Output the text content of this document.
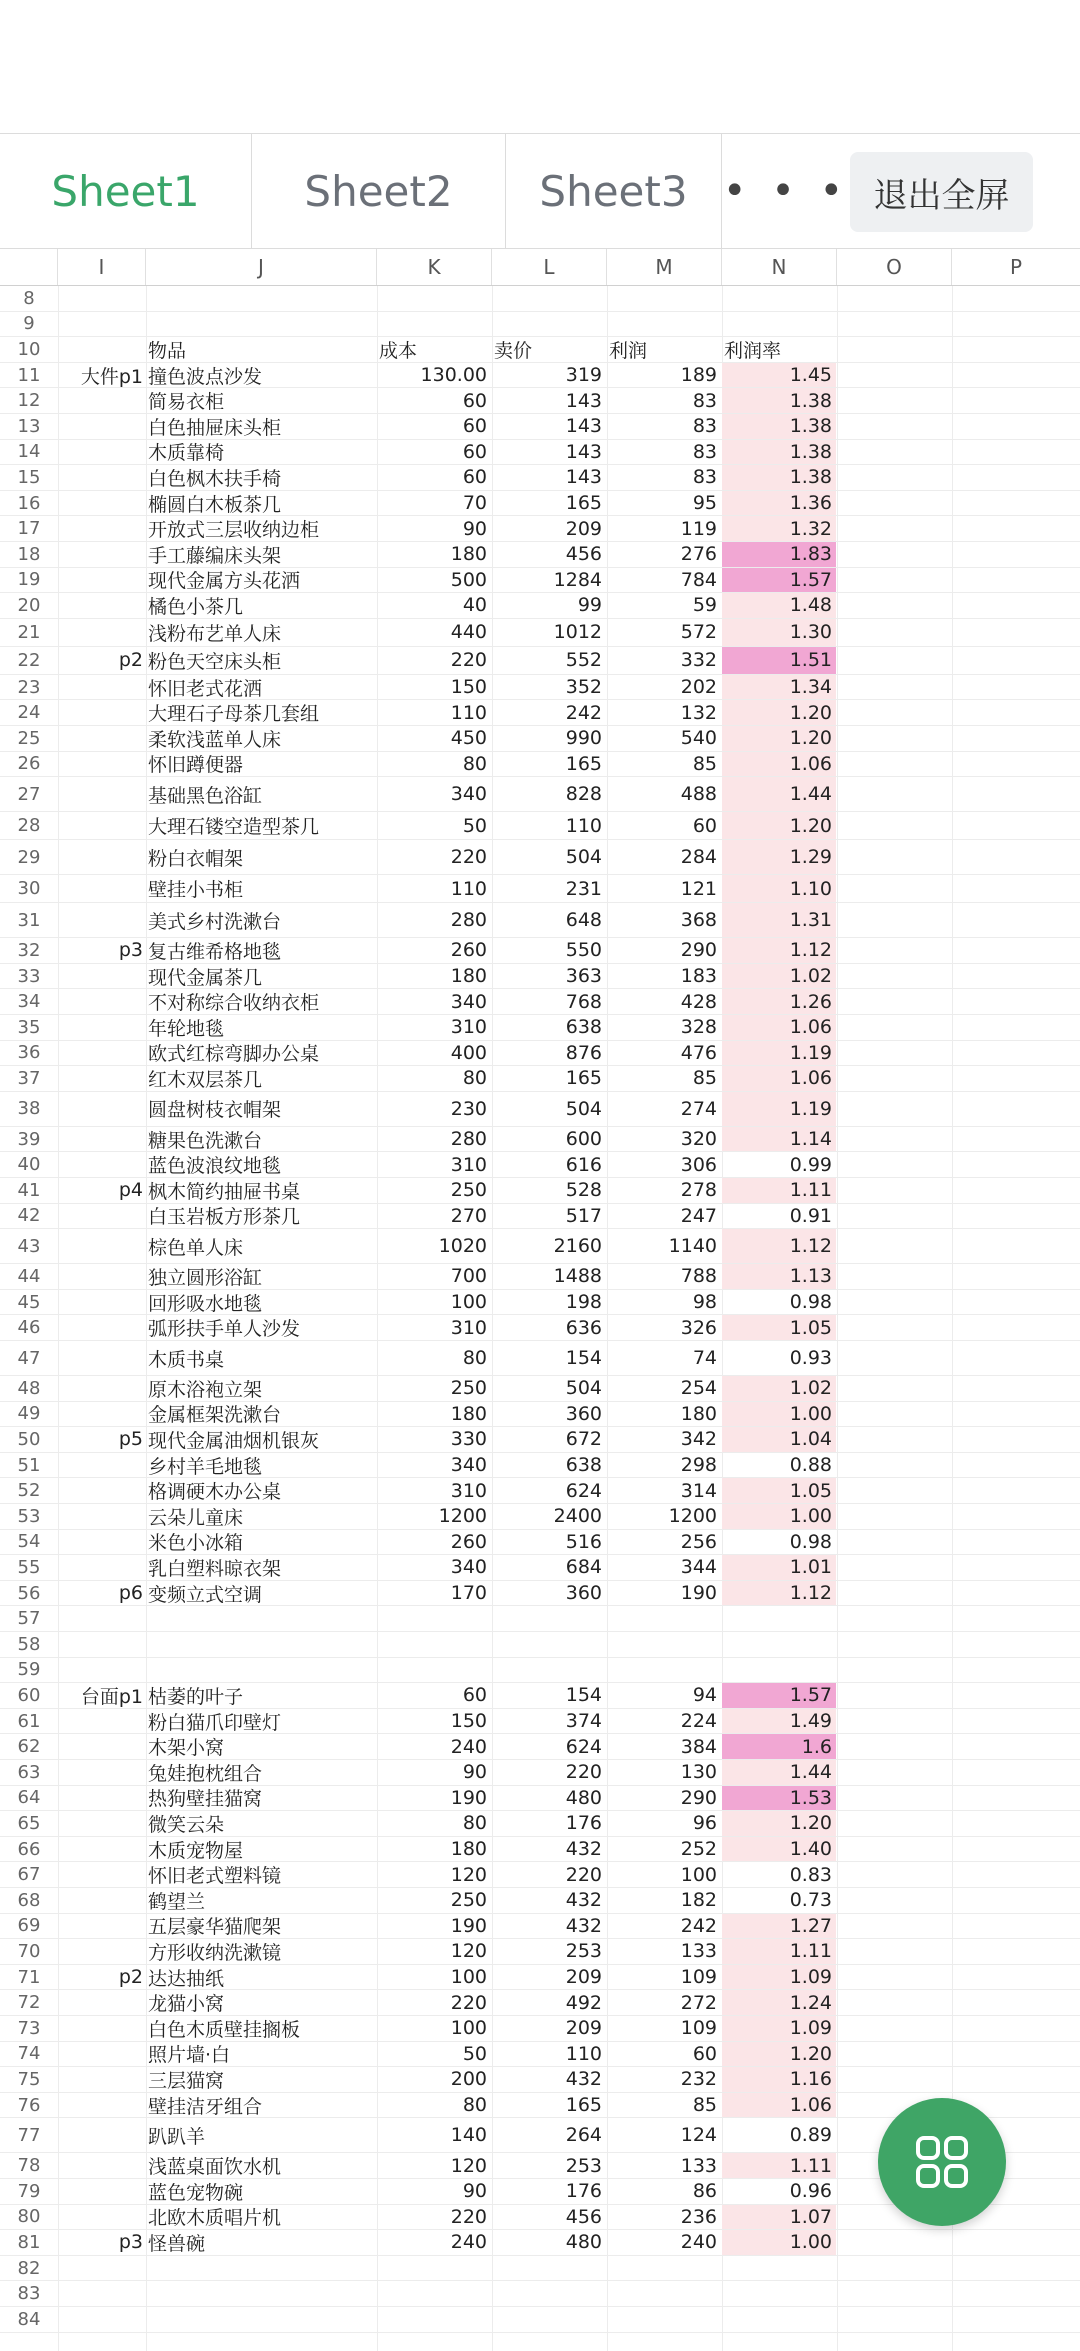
Sheet1	Sheet2	Sheet3 • • • 退出全屏
I	J	K	L	M	N	O	P
8
9
10	物品	成本	卖价	利润	利润率
11	大件p1 撞色波点沙发	130.00	319	189	1.45
12	简易衣柜	60	143	83	1.38
13	白色抽屉床头柜	60	143	83	1.38
14	木质靠椅	60	143	83	1.38
15	白色枫木扶手椅	60	143	83	1.38
16	椭圆白木板茶几	70	165	95	1.36
17	开放式三层收纳边柜	90	209	119	1.32
18	手工藤编床头架	180	456	276	1.83
19	现代金属方头花洒	500	1284	784	1.57
20	橘色小茶几	40	99	59	1.48
21	浅粉布艺单人床	440	1012	572	1.30
22	p2 粉色天空床头柜	220	552	332	1.51
23	怀旧老式花洒	150	352	202	1.34
24	大理石子母茶几套组	110	242	132	1.20
25	柔软浅蓝单人床	450	990	540	1.20
26	怀旧蹲便器	80	165	85	1.06
27	基础黑色浴缸	340	828	488	1.44
28	大理石镂空造型茶几	50	110	60	1.20
29	粉白衣帽架	220	504	284	1.29
30	壁挂小书柜	110	231	121	1.10
31	美式乡村洗漱台	280	648	368	1.31
32	p3 复古维希格地毯	260	550	290	1.12
33	现代金属茶几	180	363	183	1.02
34	不对称综合收纳衣柜	340	768	428	1.26
35	年轮地毯	310	638	328	1.06
36	欧式红棕弯脚办公桌	400	876	476	1.19
37	红木双层茶几	80	165	85	1.06
38	圆盘树枝衣帽架	230	504	274	1.19
39	糖果色洗漱台	280	600	320	1.14
40	蓝色波浪纹地毯	310	616	306	0.99
41	p4 枫木简约抽屉书桌	250	528	278	1.11
42	白玉岩板方形茶几	270	517	247	0.91
43	棕色单人床	1020	2160	1140	1.12
44	独立圆形浴缸	700	1488	788	1.13
45	回形吸水地毯	100	198	98	0.98
46	弧形扶手单人沙发	310	636	326	1.05
47	木质书桌	80	154	74	0.93
48	原木浴袍立架	250	504	254	1.02
49	金属框架洗漱台	180	360	180	1.00
50	p5 现代金属油烟机银灰	330	672	342	1.04
51	乡村羊毛地毯	340	638	298	0.88
52	格调硬木办公桌	310	624	314	1.05
53	云朵儿童床	1200	2400	1200	1.00
54	米色小冰箱	260	516	256	0.98
55	乳白塑料晾衣架	340	684	344	1.01
56	p6 变频立式空调	170	360	190	1.12
57
58
59
60	台面p1 枯萎的叶子	60	154	94	1.57
61	粉白猫爪印壁灯	150	374	224	1.49
62	木架小窝	240	624	384	1.6
63	兔娃抱枕组合	90	220	130	1.44
64	热狗壁挂猫窝	190	480	290	1.53
65	微笑云朵	80	176	96	1.20
66	木质宠物屋	180	432	252	1.40
67	怀旧老式塑料镜	120	220	100	0.83
68	鹤望兰	250	432	182	0.73
69	五层豪华猫爬架	190	432	242	1.27
70	方形收纳洗漱镜	120	253	133	1.11
71	p2 达达抽纸	100	209	109	1.09
72	龙猫小窝	220	492	272	1.24
73	白色木质壁挂搁板	100	209	109	1.09
74	照片墙·白	50	110	60	1.20
75	三层猫窝	200	432	232	1.16
76	壁挂洁牙组合	80	165	85	1.06
77	趴趴羊	140	264	124	0.89
78	浅蓝桌面饮水机	120	253	133	1.11
79	蓝色宠物碗	90	176	86	0.96
80	北欧木质唱片机	220	456	236	1.07
81	p3 怪兽碗	240	480	240	1.00
82
83
84
